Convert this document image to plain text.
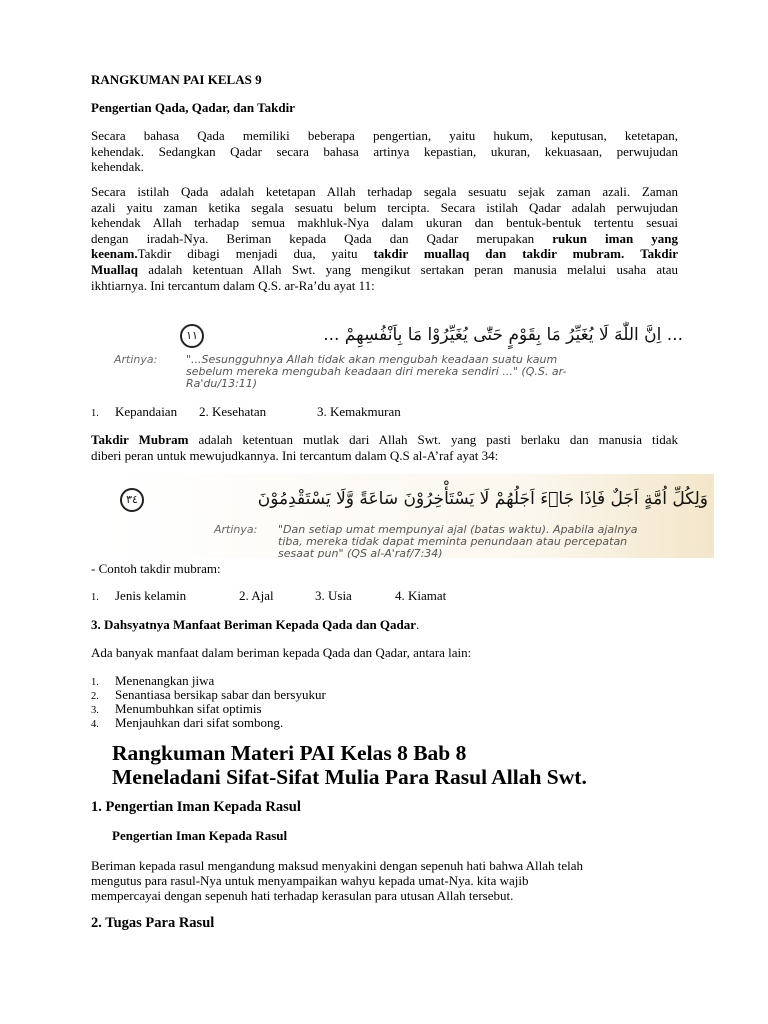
RANGKUMAN PAI KELAS 9
Pengertian Qada, Qadar, dan Takdir
Secara bahasa Qada memiliki beberapa pengertian, yaitu hukum, keputusan, ketetapan,
kehendak. Sedangkan Qadar secara bahasa artinya kepastian, ukuran, kekuasaan, perwujudan
kehendak.
Secara istilah Qada adalah ketetapan Allah terhadap segala sesuatu sejak zaman azali. Zaman
azali yaitu zaman ketika segala sesuatu belum tercipta. Secara istilah Qadar adalah perwujudan
kehendak Allah terhadap semua makhluk-Nya dalam ukuran dan bentuk-bentuk tertentu sesuai
dengan iradah-Nya. Beriman kepada Qada dan Qadar merupakan rukun iman yang
keenam.Takdir dibagi menjadi dua, yaitu takdir muallaq dan takdir mubram. Takdir
Muallaq adalah ketentuan Allah Swt. yang mengikut sertakan peran manusia melalui usaha atau
ikhtiarnya. Ini tercantum dalam Q.S. ar-Ra’du ayat 11:
... اِنَّ اللّٰهَ لَا يُغَيِّرُ مَا بِقَوْمٍ حَتّٰى يُغَيِّرُوْا مَا بِاَنْفُسِهِمْ ...
١١
Artinya:	"...Sesungguhnya Allah tidak akan mengubah keadaan suatu kaum
sebelum mereka mengubah keadaan diri mereka sendiri ..." (Q.S. ar-
Ra'du/13:11)
1. Kepandaian 2. Kesehatan	3. Kemakmuran
Takdir Mubram adalah ketentuan mutlak dari Allah Swt. yang pasti berlaku dan manusia tidak
diberi peran untuk mewujudkannya. Ini tercantum dalam Q.S al-A’raf ayat 34:
وَلِكُلِّ اُمَّةٍ اَجَلٌ فَاِذَا جَاۤءَ اَجَلُهُمْ لَا يَسْتَأْخِرُوْنَ سَاعَةً وَّلَا يَسْتَقْدِمُوْنَ
٣٤
Artinya: "Dan setiap umat mempunyai ajal (batas waktu). Apabila ajalnya
tiba, mereka tidak dapat meminta penundaan atau percepatan
sesaat pun" (QS al-A'raf/7:34)
- Contoh takdir mubram:
1. Jenis kelamin	2. Ajal	3. Usia	4. Kiamat
3. Dahsyatnya Manfaat Beriman Kepada Qada dan Qadar.
Ada banyak manfaat dalam beriman kepada Qada dan Qadar, antara lain:
1. Menenangkan jiwa
2. Senantiasa bersikap sabar dan bersyukur
3. Menumbuhkan sifat optimis
4. Menjauhkan dari sifat sombong.
Rangkuman Materi PAI Kelas 8 Bab 8
Meneladani Sifat-Sifat Mulia Para Rasul Allah Swt.
1. Pengertian Iman Kepada Rasul
Pengertian Iman Kepada Rasul
Beriman kepada rasul mengandung maksud menyakini dengan sepenuh hati bahwa Allah telah
mengutus para rasul-Nya untuk menyampaikan wahyu kepada umat-Nya. kita wajib
mempercayai dengan sepenuh hati terhadap kerasulan para utusan Allah tersebut.
2. Tugas Para Rasul
